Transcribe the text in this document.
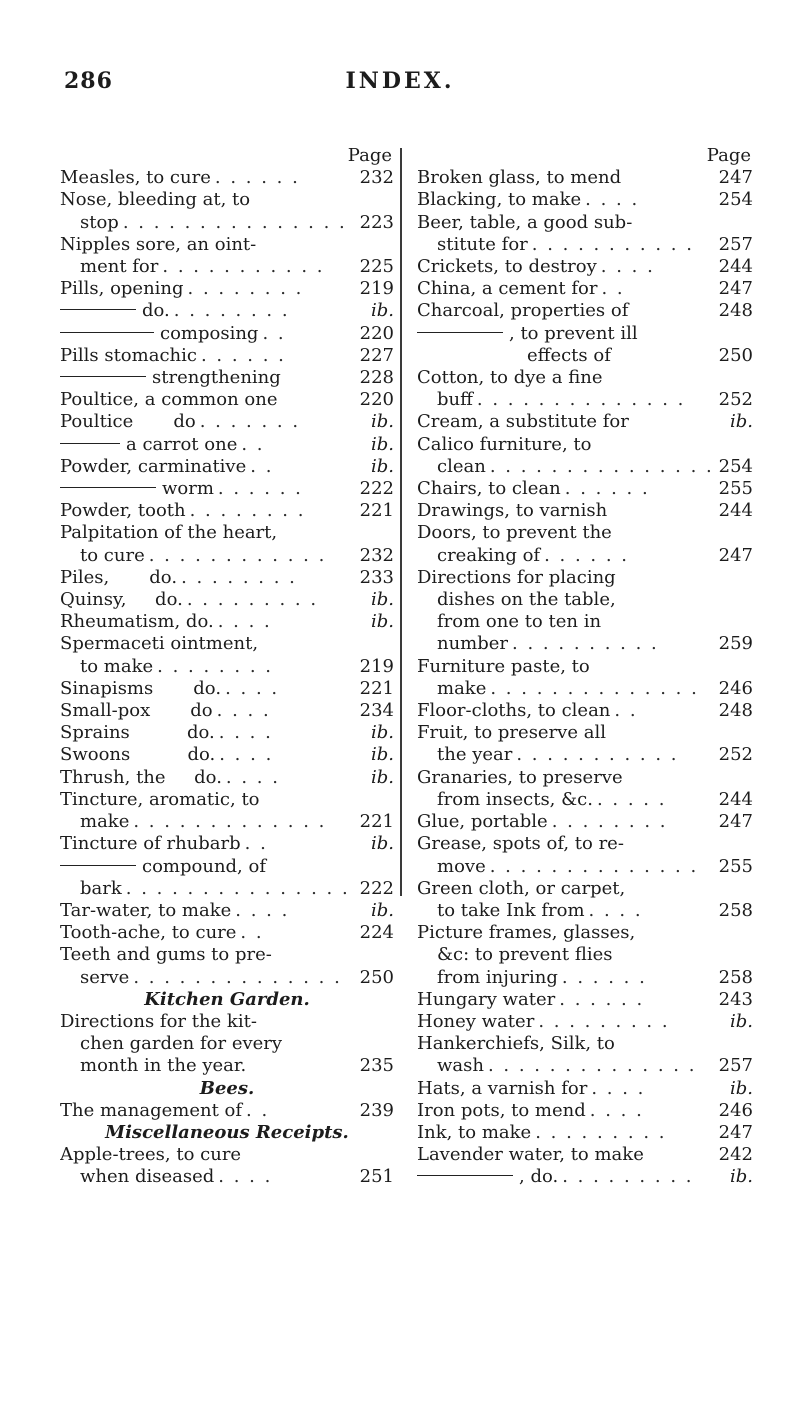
286	INDEX.
Page
Measles, to cure . . . . . .	232
Nose, bleeding at, to
stop . . . . . . . . . . . . . . . 223
Nipples sore, an oint-
ment for . . . . . . . . . . .	225
Pills, opening . . . . . . . .	219
do. . . . . . . . .	ib.
composing . .	220
Pills stomachic . . . . . .	227
strengthening	228
Poultice, a common one	220
Poultice       do . . . . . . .	ib.
a carrot one . .	ib.
Powder, carminative . .	ib.
worm . . . . . .	222
Powder, tooth . . . . . . . .	221
Palpitation of the heart,
to cure . . . . . . . . . . . .	232
Piles,       do. . . . . . . . .	233
Quinsy,     do. . . . . . . . . .	ib.
Rheumatism, do. . . . .	ib.
Spermaceti ointment,
to make . . . . . . . .	219
Sinapisms       do. . . . .	221
Small-pox       do . . . .	234
Sprains          do. . . . .	ib.
Swoons          do. . . . .	ib.
Thrush, the     do. . . . .	ib.
Tincture, aromatic, to
make . . . . . . . . . . . . .	221
Tincture of rhubarb . .	ib.
compound, of
bark . . . . . . . . . . . . . . . 222
Tar-water, to make . . . .	ib.
Tooth-ache, to cure . .	224
Teeth and gums to pre-
serve . . . . . . . . . . . . . . 250
Kitchen Garden.
Directions for the kit-
chen garden for every
month in the year.	235
Bees.
The management of . .	239
Miscellaneous Receipts.
Apple-trees, to cure
when diseased . . . .	251
Page
Broken glass, to mend	247
Blacking, to make . . . .	254
Beer, table, a good sub-
stitute for . . . . . . . . . . .	257
Crickets, to destroy . . . .	244
China, a cement for . .	247
Charcoal, properties of	248
, to prevent ill
effects of	250
Cotton, to dye a fine
buff . . . . . . . . . . . . . .	252
Cream, a substitute for	ib.
Calico furniture, to
clean . . . . . . . . . . . . . . . 254
Chairs, to clean . . . . . .	255
Drawings, to varnish	244
Doors, to prevent the
creaking of . . . . . .	247
Directions for placing
dishes on the table,
from one to ten in
number . . . . . . . . . .	259
Furniture paste, to
make . . . . . . . . . . . . . .	246
Floor-cloths, to clean . .	248
Fruit, to preserve all
the year . . . . . . . . . . .	252
Granaries, to preserve
from insects, &c. . . . . .	244
Glue, portable . . . . . . . .	247
Grease, spots of, to re-
move . . . . . . . . . . . . . .	255
Green cloth, or carpet,
to take Ink from . . . .	258
Picture frames, glasses,
&c: to prevent flies
from injuring . . . . . .	258
Hungary water . . . . . .	243
Honey water . . . . . . . . .	ib.
Hankerchiefs, Silk, to
wash . . . . . . . . . . . . . .	257
Hats, a varnish for . . . .	ib.
Iron pots, to mend . . . .	246
Ink, to make . . . . . . . . .	247
Lavender water, to make	242
, do. . . . . . . . . .	ib.
